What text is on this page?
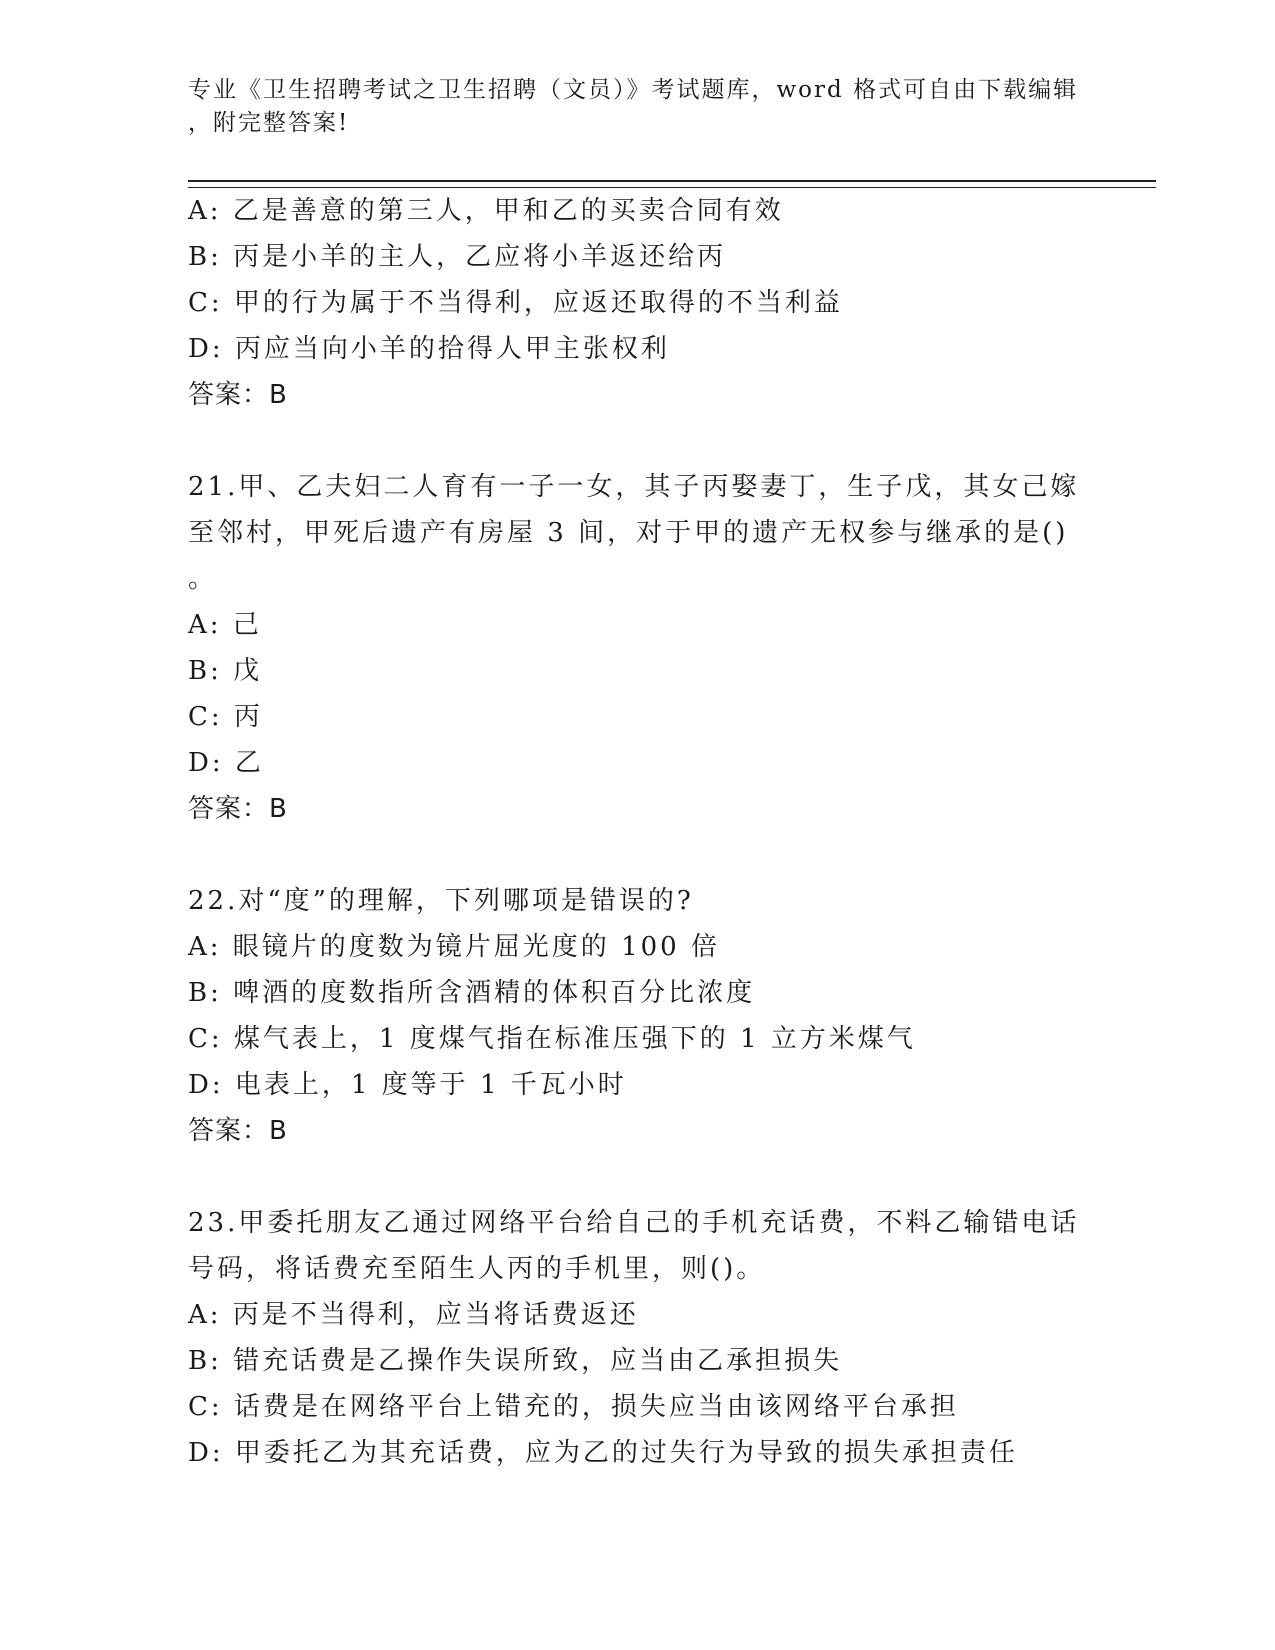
专业《卫生招聘考试之卫生招聘（文员）》考试题库，word 格式可自由下载编辑
，附完整答案!
A: 乙是善意的第三人，甲和乙的买卖合同有效
B: 丙是小羊的主人，乙应将小羊返还给丙
C: 甲的行为属于不当得利，应返还取得的不当利益
D: 丙应当向小羊的拾得人甲主张权利
答案：B
21.甲、乙夫妇二人育有一子一女，其子丙娶妻丁，生子戊，其女己嫁
至邻村，甲死后遗产有房屋 3 间，对于甲的遗产无权参与继承的是()
。
A: 己
B: 戊
C: 丙
D: 乙
答案：B
22.对“度”的理解，下列哪项是错误的?
A: 眼镜片的度数为镜片屈光度的 100 倍
B: 啤酒的度数指所含酒精的体积百分比浓度
C: 煤气表上，1 度煤气指在标准压强下的 1 立方米煤气
D: 电表上，1 度等于 1 千瓦小时
答案：B
23.甲委托朋友乙通过网络平台给自己的手机充话费，不料乙输错电话
号码，将话费充至陌生人丙的手机里，则()。
A: 丙是不当得利，应当将话费返还
B: 错充话费是乙操作失误所致，应当由乙承担损失
C: 话费是在网络平台上错充的，损失应当由该网络平台承担
D: 甲委托乙为其充话费，应为乙的过失行为导致的损失承担责任
